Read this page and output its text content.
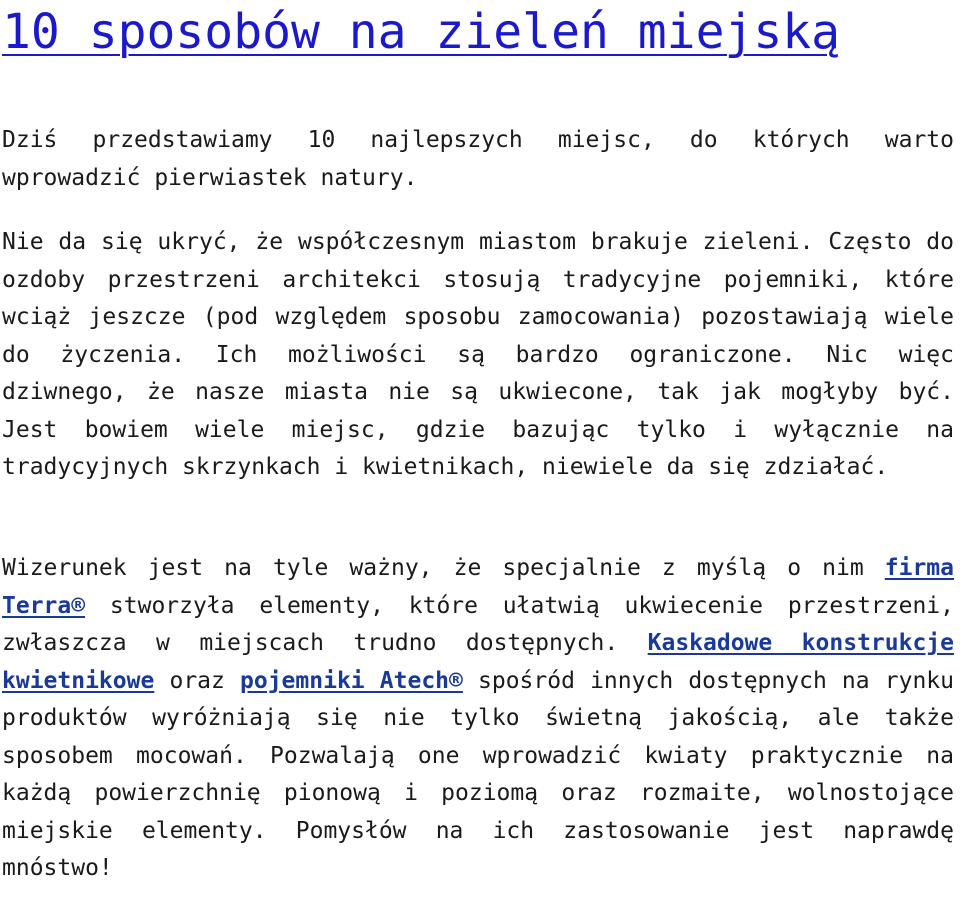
10 sposobów na zieleń miejską

Dziś przedstawiamy 10 najlepszych miejsc, do których warto wprowadzić pierwiastek natury.

Nie da się ukryć, że współczesnym miastom brakuje zieleni. Często do ozdoby przestrzeni architekci stosują tradycyjne pojemniki, które wciąż jeszcze (pod względem sposobu zamocowania) pozostawiają wiele do życzenia. Ich możliwości są bardzo ograniczone. Nic więc dziwnego, że nasze miasta nie są ukwiecone, tak jak mogłyby być. Jest bowiem wiele miejsc, gdzie bazując tylko i wyłącznie na tradycyjnych skrzynkach i kwietnikach, niewiele da się zdziałać.

Wizerunek jest na tyle ważny, że specjalnie z myślą o nim firma Terra® stworzyła elementy, które ułatwią ukwiecenie przestrzeni, zwłaszcza w miejscach trudno dostępnych. Kaskadowe konstrukcje kwietnikowe oraz pojemniki Atech® spośród innych dostępnych na rynku produktów wyróżniają się nie tylko świetną jakością, ale także sposobem mocowań. Pozwalają one wprowadzić kwiaty praktycznie na każdą powierzchnię pionową i poziomą oraz rozmaite, wolnostojące miejskie elementy. Pomysłów na ich zastosowanie jest naprawdę mnóstwo!
